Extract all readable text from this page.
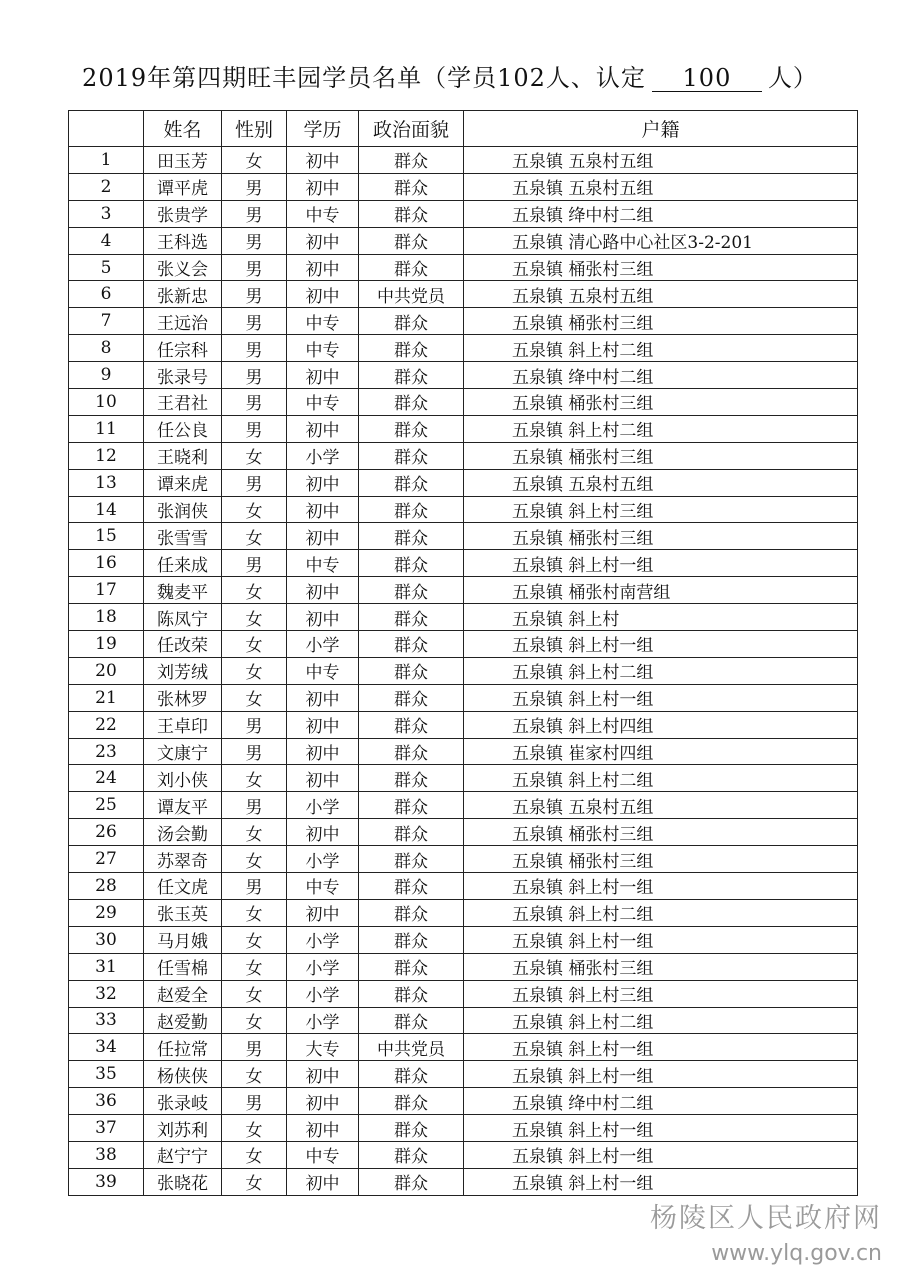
2019年第四期旺丰园学员名单（学员102人、认定 100 人）
	姓名	性别	学历	政治面貌	户籍
1	田玉芳	女	初中	群众	五泉镇 五泉村五组
2	谭平虎	男	初中	群众	五泉镇 五泉村五组
3	张贵学	男	中专	群众	五泉镇 绛中村二组
4	王科选	男	初中	群众	五泉镇 清心路中心社区3-2-201
5	张义会	男	初中	群众	五泉镇 桶张村三组
6	张新忠	男	初中	中共党员	五泉镇 五泉村五组
7	王远治	男	中专	群众	五泉镇 桶张村三组
8	任宗科	男	中专	群众	五泉镇 斜上村二组
9	张录号	男	初中	群众	五泉镇 绛中村二组
10	王君社	男	中专	群众	五泉镇 桶张村三组
11	任公良	男	初中	群众	五泉镇 斜上村二组
12	王晓利	女	小学	群众	五泉镇 桶张村三组
13	谭来虎	男	初中	群众	五泉镇 五泉村五组
14	张润侠	女	初中	群众	五泉镇 斜上村三组
15	张雪雪	女	初中	群众	五泉镇 桶张村三组
16	任来成	男	中专	群众	五泉镇 斜上村一组
17	魏麦平	女	初中	群众	五泉镇 桶张村南营组
18	陈凤宁	女	初中	群众	五泉镇 斜上村
19	任改荣	女	小学	群众	五泉镇 斜上村一组
20	刘芳绒	女	中专	群众	五泉镇 斜上村二组
21	张林罗	女	初中	群众	五泉镇 斜上村一组
22	王卓印	男	初中	群众	五泉镇 斜上村四组
23	文康宁	男	初中	群众	五泉镇 崔家村四组
24	刘小侠	女	初中	群众	五泉镇 斜上村二组
25	谭友平	男	小学	群众	五泉镇 五泉村五组
26	汤会勤	女	初中	群众	五泉镇 桶张村三组
27	苏翠奇	女	小学	群众	五泉镇 桶张村三组
28	任文虎	男	中专	群众	五泉镇 斜上村一组
29	张玉英	女	初中	群众	五泉镇 斜上村二组
30	马月娥	女	小学	群众	五泉镇 斜上村一组
31	任雪棉	女	小学	群众	五泉镇 桶张村三组
32	赵爱全	女	小学	群众	五泉镇 斜上村三组
33	赵爱勤	女	小学	群众	五泉镇 斜上村二组
34	任拉常	男	大专	中共党员	五泉镇 斜上村一组
35	杨侠侠	女	初中	群众	五泉镇 斜上村一组
36	张录岐	男	初中	群众	五泉镇 绛中村二组
37	刘苏利	女	初中	群众	五泉镇 斜上村一组
38	赵宁宁	女	中专	群众	五泉镇 斜上村一组
39	张晓花	女	初中	群众	五泉镇 斜上村一组
杨陵区人民政府网
www.ylq.gov.cn
